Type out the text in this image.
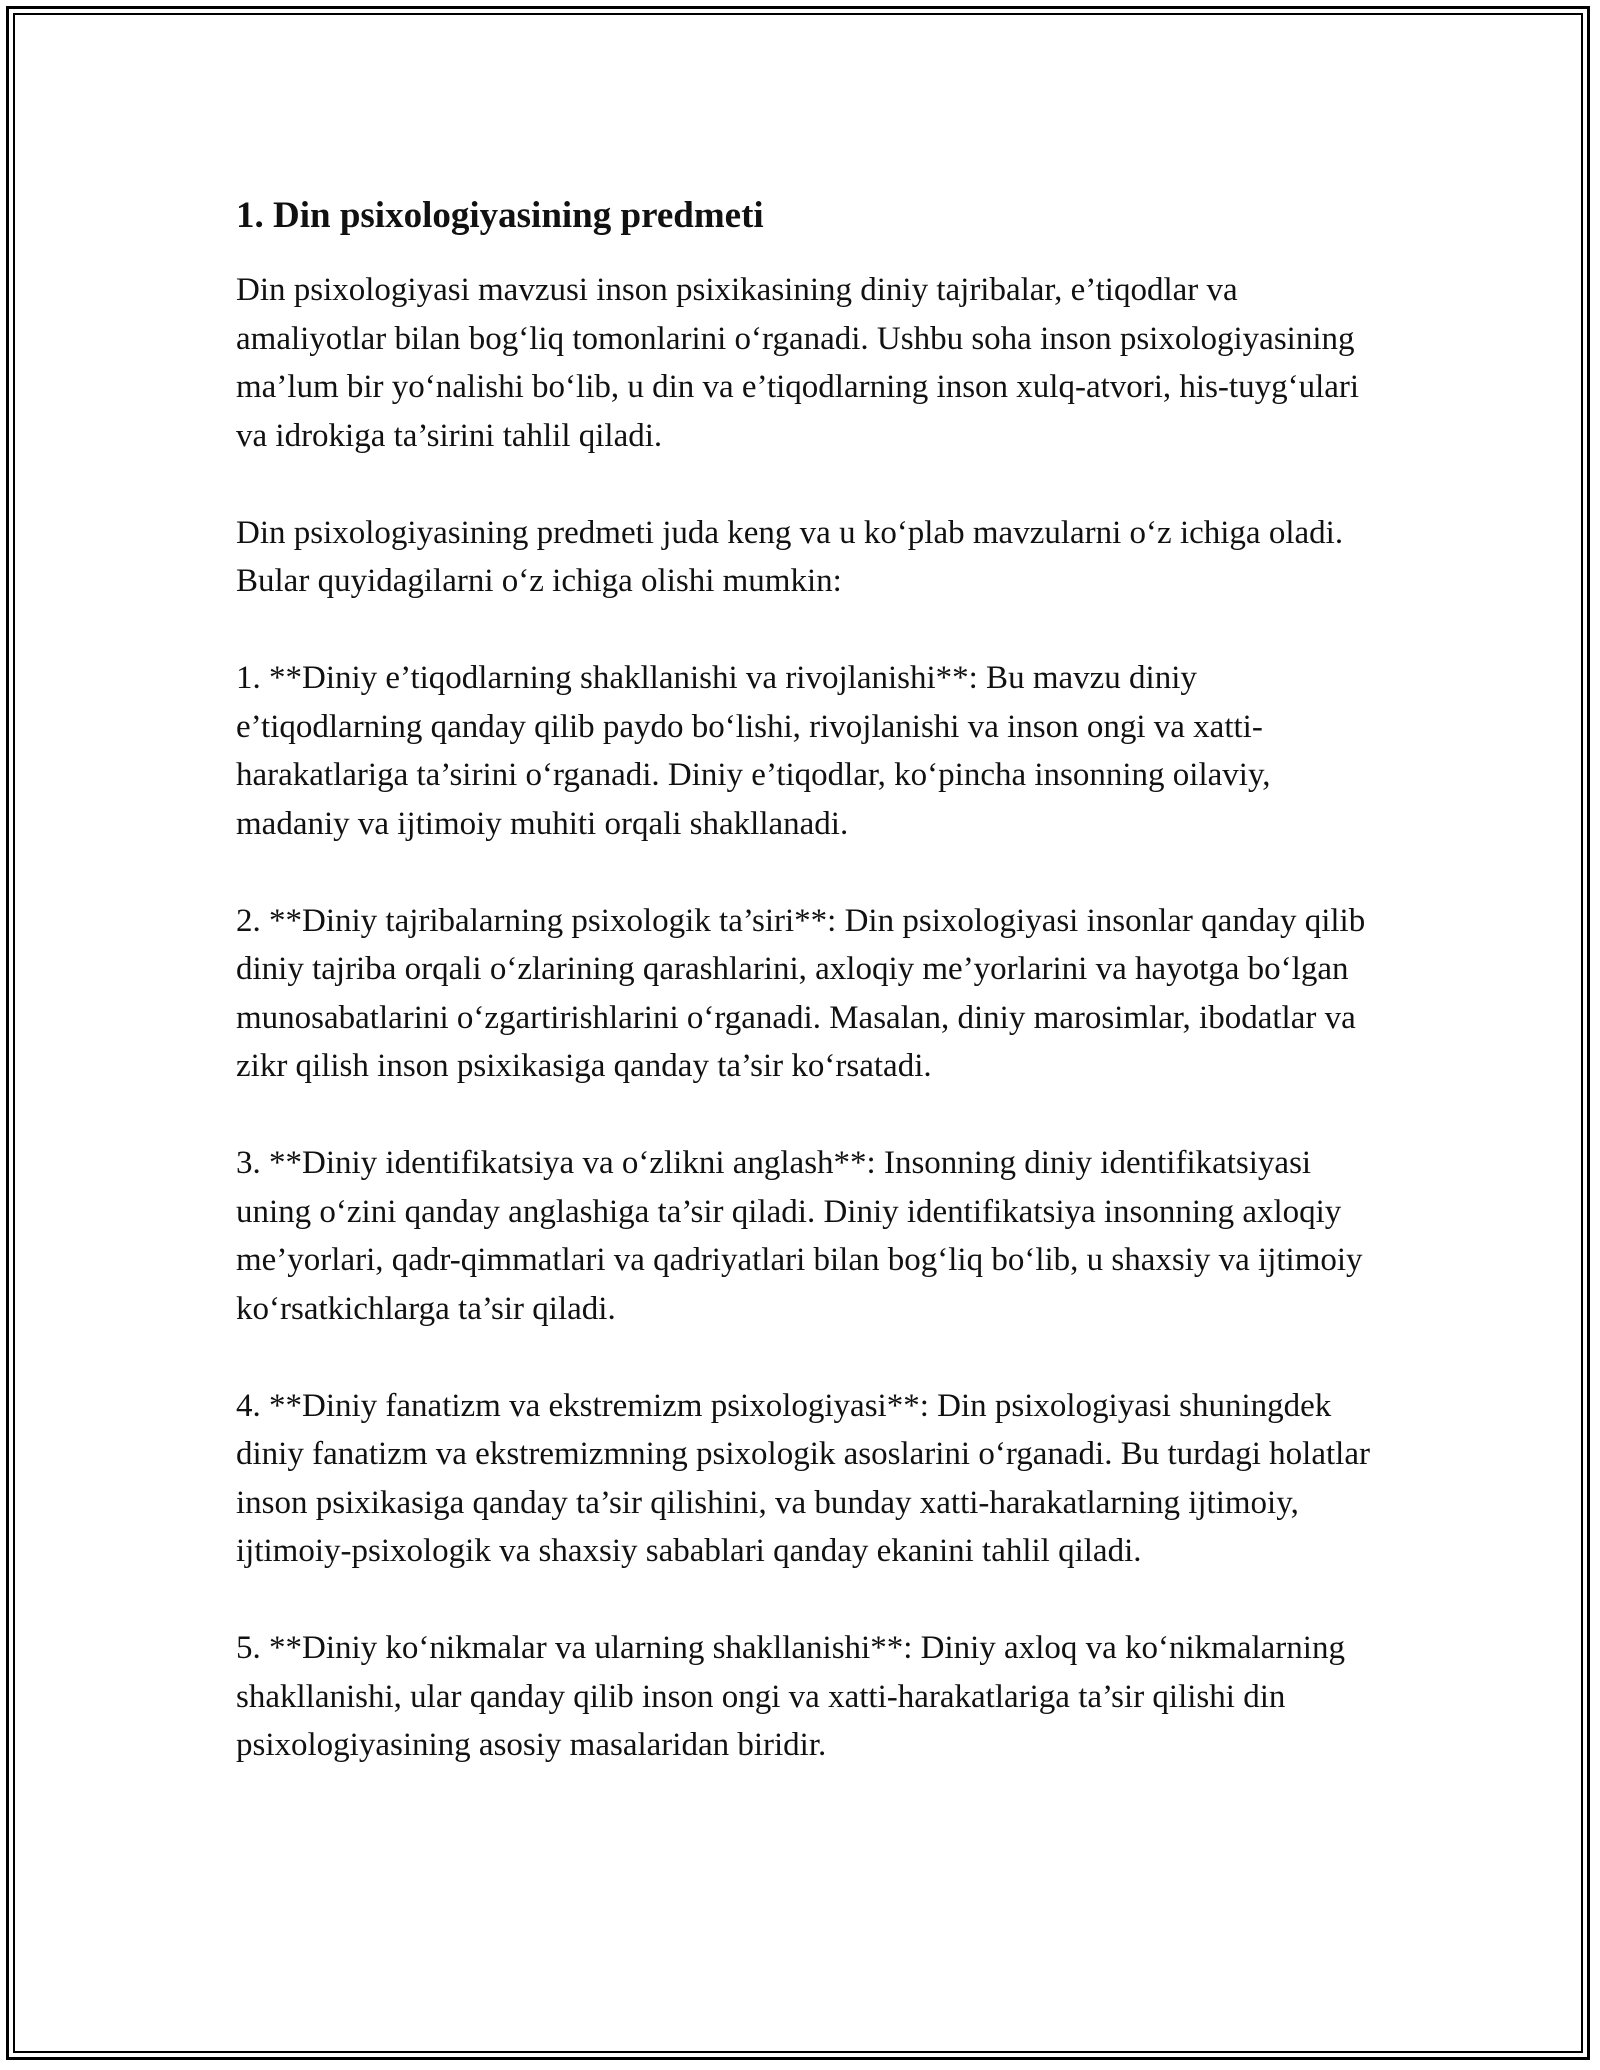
1. Din psixologiyasining predmeti

Din psixologiyasi mavzusi inson psixikasining diniy tajribalar, e’tiqodlar va amaliyotlar bilan bog‘liq tomonlarini o‘rganadi. Ushbu soha inson psixologiyasining ma’lum bir yo‘nalishi bo‘lib, u din va e’tiqodlarning inson xulq-atvori, his-tuyg‘ulari va idrokiga ta’sirini tahlil qiladi.

Din psixologiyasining predmeti juda keng va u ko‘plab mavzularni o‘z ichiga oladi. Bular quyidagilarni o‘z ichiga olishi mumkin:

1. **Diniy e’tiqodlarning shakllanishi va rivojlanishi**: Bu mavzu diniy e’tiqodlarning qanday qilib paydo bo‘lishi, rivojlanishi va inson ongi va xatti-harakatlariga ta’sirini o‘rganadi. Diniy e’tiqodlar, ko‘pincha insonning oilaviy, madaniy va ijtimoiy muhiti orqali shakllanadi.

2. **Diniy tajribalarning psixologik ta’siri**: Din psixologiyasi insonlar qanday qilib diniy tajriba orqali o‘zlarining qarashlarini, axloqiy me’yorlarini va hayotga bo‘lgan munosabatlarini o‘zgartirishlarini o‘rganadi. Masalan, diniy marosimlar, ibodatlar va zikr qilish inson psixikasiga qanday ta’sir ko‘rsatadi.

3. **Diniy identifikatsiya va o‘zlikni anglash**: Insonning diniy identifikatsiyasi uning o‘zini qanday anglashiga ta’sir qiladi. Diniy identifikatsiya insonning axloqiy me’yorlari, qadr-qimmatlari va qadriyatlari bilan bog‘liq bo‘lib, u shaxsiy va ijtimoiy ko‘rsatkichlarga ta’sir qiladi.

4. **Diniy fanatizm va ekstremizm psixologiyasi**: Din psixologiyasi shuningdek diniy fanatizm va ekstremizmning psixologik asoslarini o‘rganadi. Bu turdagi holatlar inson psixikasiga qanday ta’sir qilishini, va bunday xatti-harakatlarning ijtimoiy, ijtimoiy-psixologik va shaxsiy sabablari qanday ekanini tahlil qiladi.

5. **Diniy ko‘nikmalar va ularning shakllanishi**: Diniy axloq va ko‘nikmalarning shakllanishi, ular qanday qilib inson ongi va xatti-harakatlariga ta’sir qilishi din psixologiyasining asosiy masalaridan biridir.
